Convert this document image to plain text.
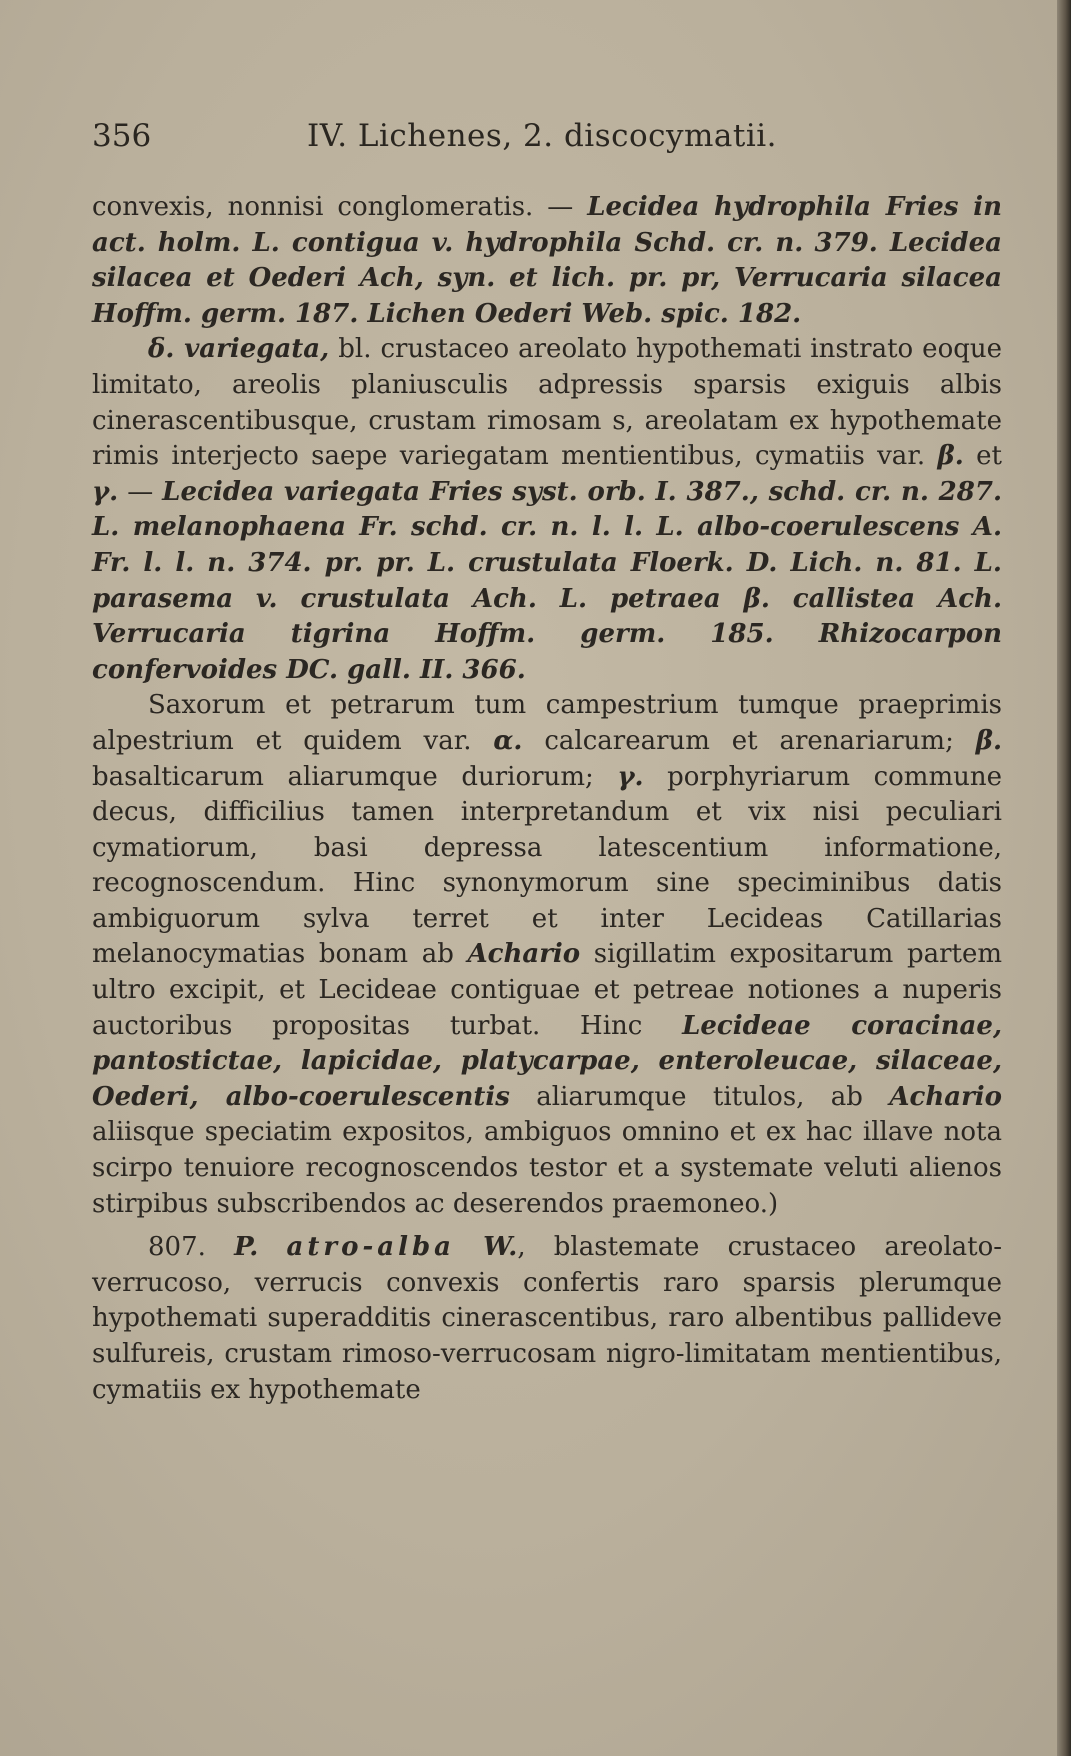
356	IV. Lichenes, 2. discocymatii.

convexis, nonnisi conglomeratis. — Lecidea hydrophila Fries in act. holm. L. contigua v. hydrophila Schd. cr. n. 379. Lecidea silacea et Oederi Ach, syn. et lich. pr. pr, Verrucaria silacea Hoffm. germ. 187. Lichen Oederi Web. spic. 182.

δ. variegata, bl. crustaceo areolato hypothemati instrato eoque limitato, areolis planiusculis adpressis sparsis exiguis albis cinerascentibusque, crustam rimosam s, areolatam ex hypothemate rimis interjecto saepe variegatam mentientibus, cymatiis var. β. et γ. — Lecidea variegata Fries syst. orb. I. 387., schd. cr. n. 287. L. melanophaena Fr. schd. cr. n. l. l. L. albo-coerulescens A. Fr. l. l. n. 374. pr. pr. L. crustulata Floerk. D. Lich. n. 81. L. parasema v. crustulata Ach. L. petraea β. callistea Ach. Verrucaria tigrina Hoffm. germ. 185. Rhizocarpon confervoides DC. gall. II. 366.

Saxorum et petrarum tum campestrium tumque praeprimis alpestrium et quidem var. α. calcarearum et arenariarum; β. basalticarum aliarumque duriorum; γ. porphyriarum commune decus, difficilius tamen interpretandum et vix nisi peculiari cymatiorum, basi depressa latescentium informatione, recognoscendum. Hinc synonymorum sine speciminibus datis ambiguorum sylva terret et inter Lecideas Catillarias melanocymatias bonam ab Achario sigillatim expositarum partem ultro excipit, et Lecideae contiguae et petreae notiones a nuperis auctoribus propositas turbat. Hinc Lecideae coracinae, pantostictae, lapicidae, platycarpae, enteroleucae, silaceae, Oederi, albo-coerulescentis aliarumque titulos, ab Achario aliisque speciatim expositos, ambiguos omnino et ex hac illave nota scirpo tenuiore recognoscendos testor et a systemate veluti alienos stirpibus subscribendos ac deserendos praemoneo.)

807. P. atro-alba W., blastemate crustaceo areolato-verrucoso, verrucis convexis confertis raro sparsis plerumque hypothemati superadditis cinerascentibus, raro albentibus pallideve sulfureis, crustam rimoso-verrucosam nigro-limitatam mentientibus, cymatiis ex hypothemate
